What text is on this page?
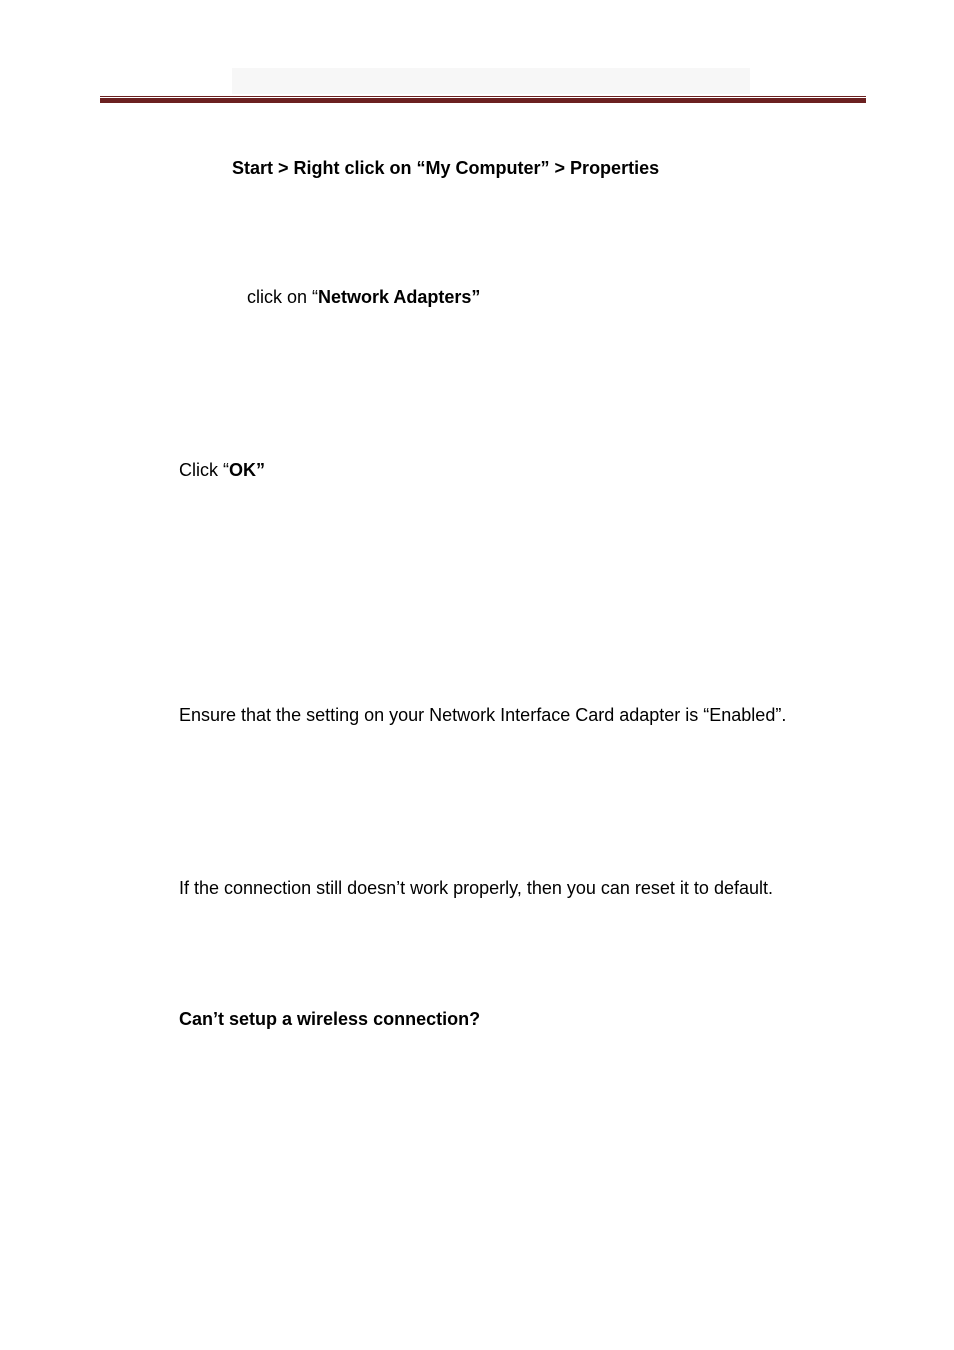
Start > Right click on “My Computer” > Properties
click on “Network Adapters”
Click “OK”
Ensure that the setting on your Network Interface Card adapter is “Enabled”.
If the connection still doesn’t work properly, then you can reset it to default.
Can’t setup a wireless connection?
